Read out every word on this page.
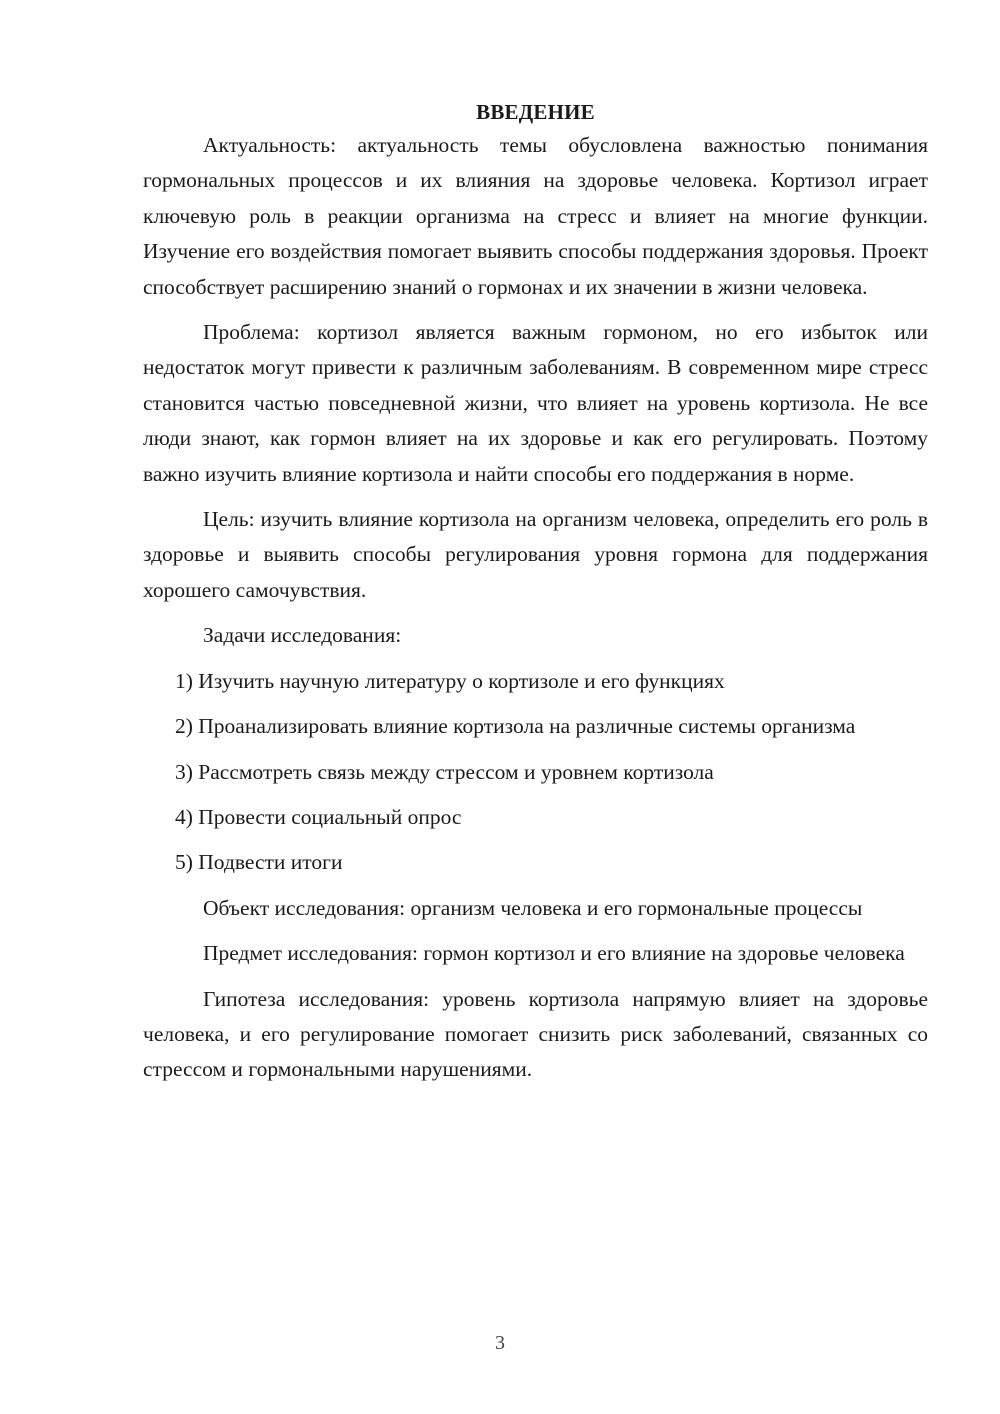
ВВЕДЕНИЕ

Актуальность: актуальность темы обусловлена важностью понимания гормональных процессов и их влияния на здоровье человека. Кортизол играет ключевую роль в реакции организма на стресс и влияет на многие функции. Изучение его воздействия помогает выявить способы поддержания здоровья. Проект способствует расширению знаний о гормонах и их значении в жизни человека.

Проблема: кортизол является важным гормоном, но его избыток или недостаток могут привести к различным заболеваниям. В современном мире стресс становится частью повседневной жизни, что влияет на уровень кортизола. Не все люди знают, как гормон влияет на их здоровье и как его регулировать. Поэтому важно изучить влияние кортизола и найти способы его поддержания в норме.

Цель: изучить влияние кортизола на организм человека, определить его роль в здоровье и выявить способы регулирования уровня гормона для поддержания хорошего самочувствия.

Задачи исследования:

1) Изучить научную литературу о кортизоле и его функциях

2) Проанализировать влияние кортизола на различные системы организма

3) Рассмотреть связь между стрессом и уровнем кортизола

4) Провести социальный опрос

5) Подвести итоги

Объект исследования: организм человека и его гормональные процессы

Предмет исследования: гормон кортизол и его влияние на здоровье человека

Гипотеза исследования: уровень кортизола напрямую влияет на здоровье человека, и его регулирование помогает снизить риск заболеваний, связанных со стрессом и гормональными нарушениями.

3
